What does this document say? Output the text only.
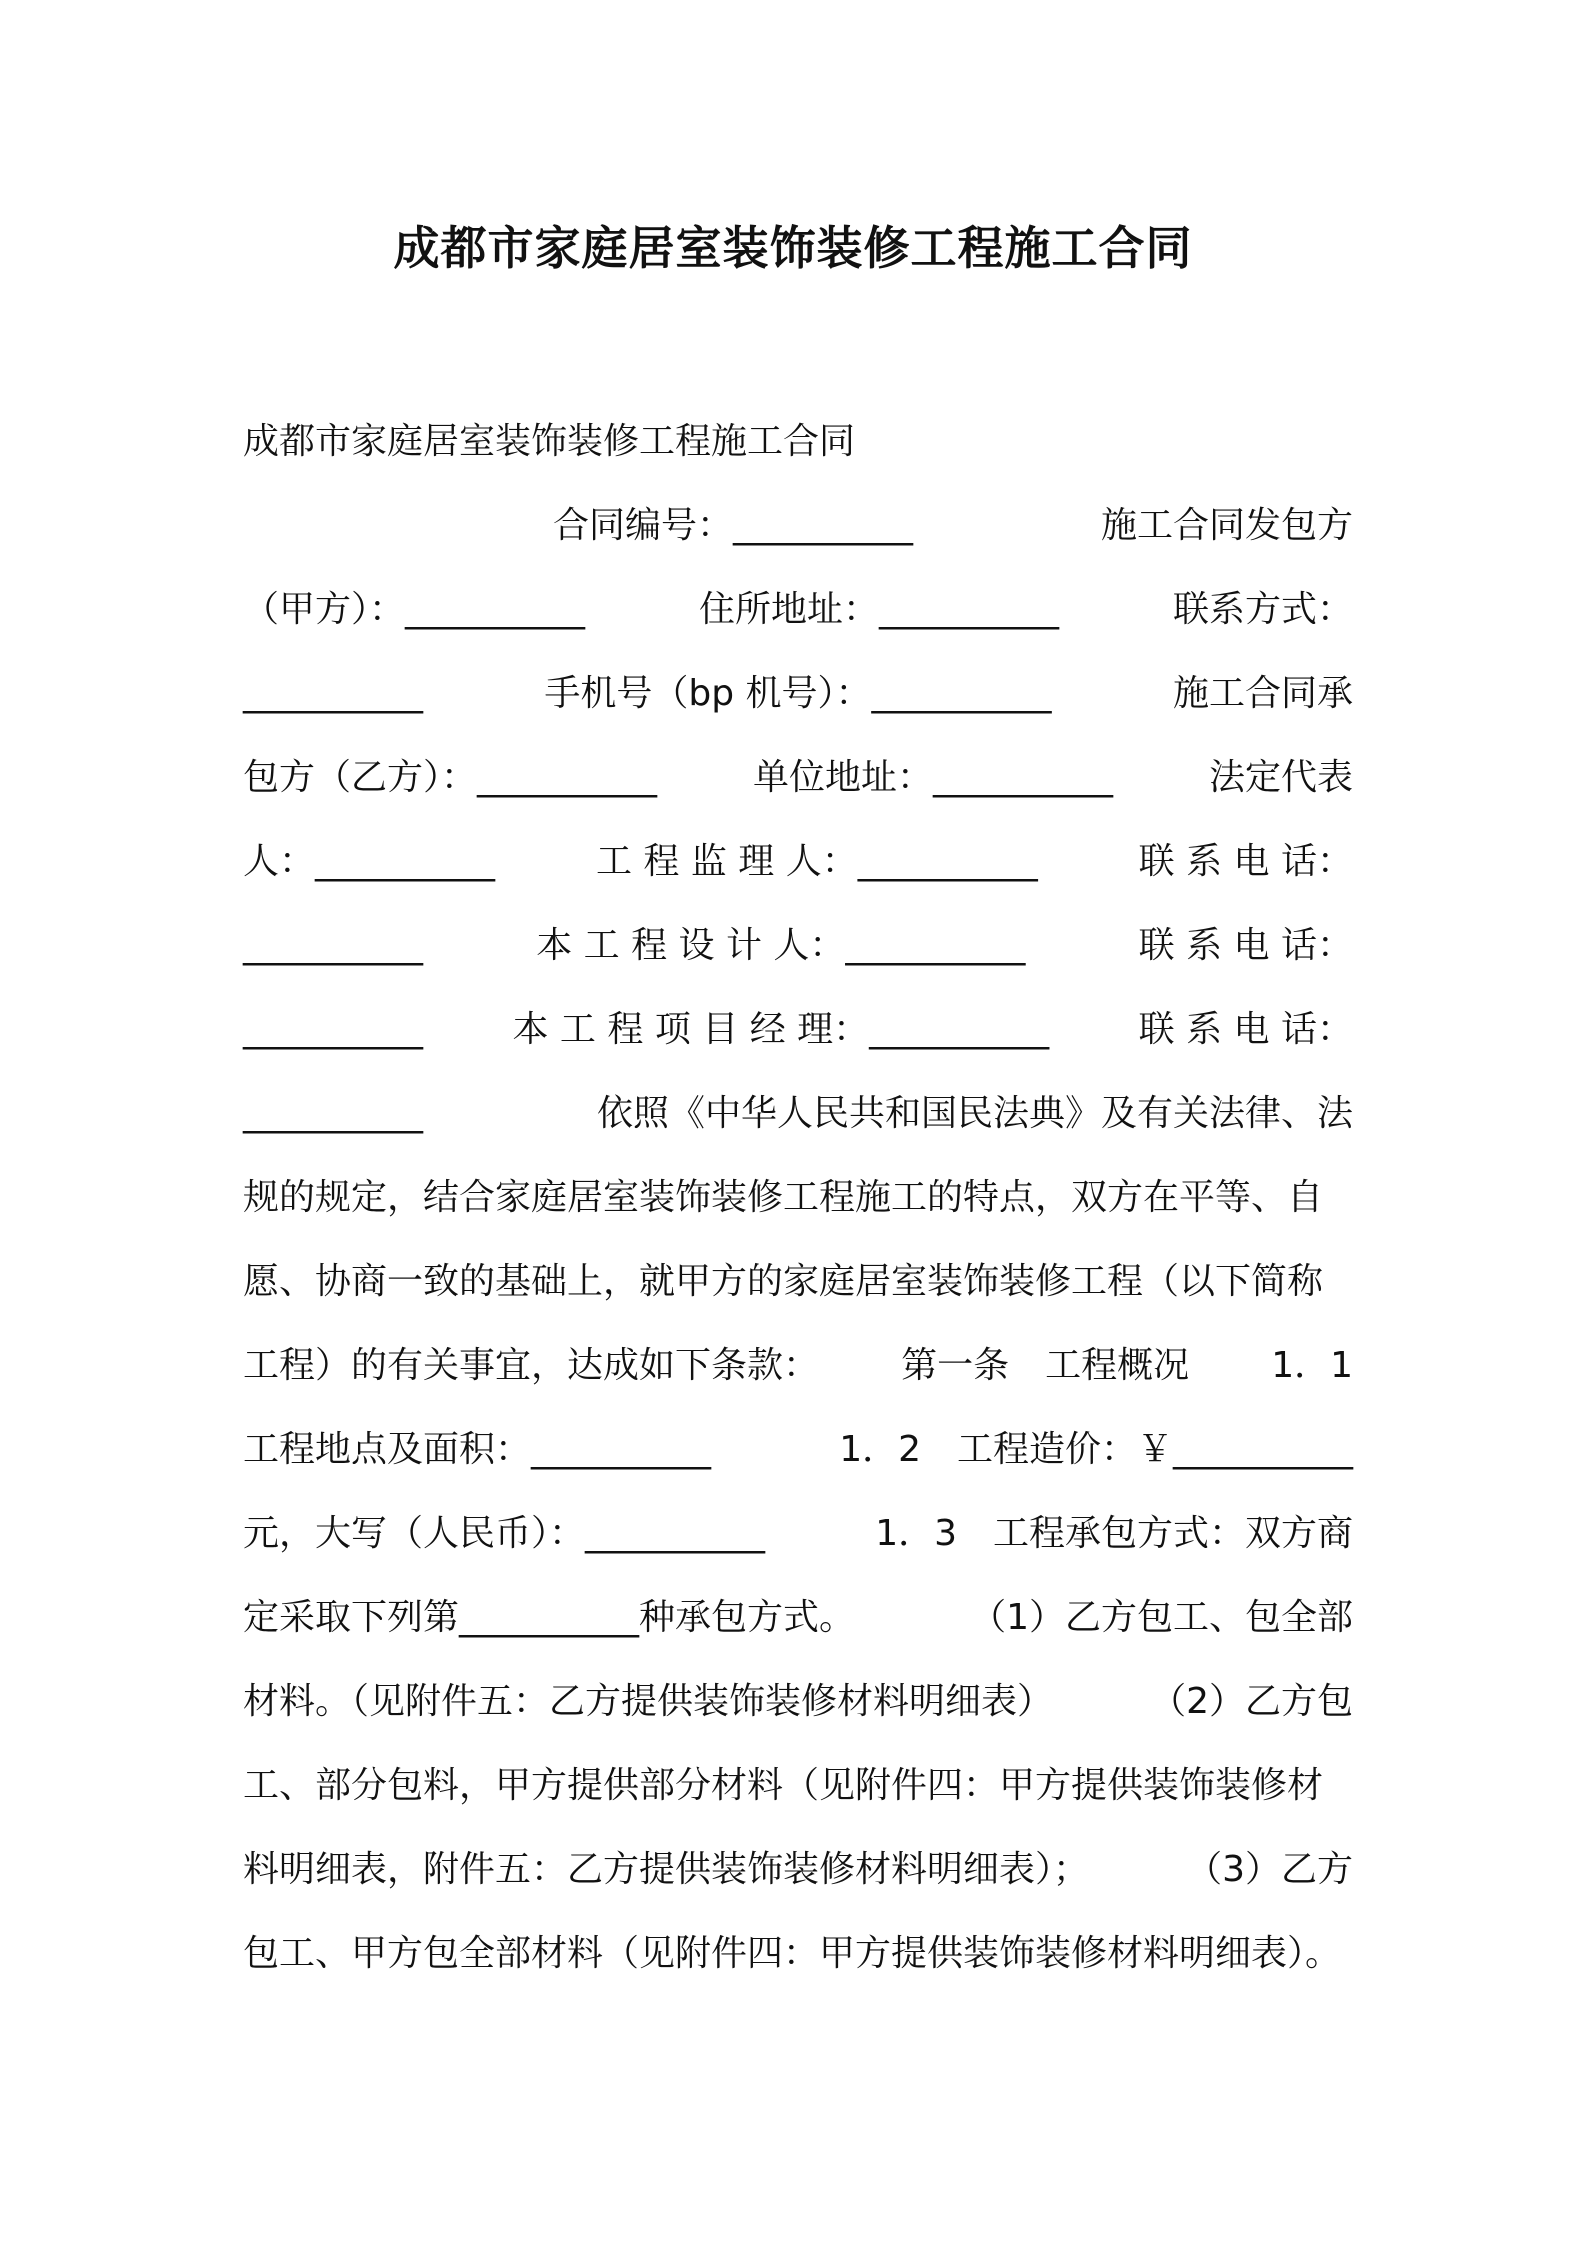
成都市家庭居室装饰装修工程施工合同
成都市家庭居室装饰装修工程施工合同
合同编号：__________	施工合同发包方
（甲方）：__________	住所地址：__________	联系方式：
__________	手机号（bp 机号）：__________	施工合同承
包方（乙方）：__________	单位地址：__________	法定代表
人：__________	工 程 监 理 人：__________	联 系 电 话：
__________	本 工 程 设 计 人：__________	联 系 电 话：
__________ 本 工 程 项 目 经 理：__________ 联 系 电 话：
__________	依照《中华人民共和国民法典》及有关法律、法
规的规定，结合家庭居室装饰装修工程施工的特点，双方在平等、自
愿、协商一致的基础上，就甲方的家庭居室装饰装修工程（以下简称
工程）的有关事宜，达成如下条款： 第一条　工程概况 1．1
工程地点及面积：__________	1．2　工程造价：￥__________
元，大写（人民币）：__________	1．3　工程承包方式：双方商
定采取下列第__________种承包方式。	（1）乙方包工、包全部
材料。（见附件五：乙方提供装饰装修材料明细表）	（2）乙方包
工、部分包料，甲方提供部分材料（见附件四：甲方提供装饰装修材
料明细表，附件五：乙方提供装饰装修材料明细表）；	（3）乙方
包工、甲方包全部材料（见附件四：甲方提供装饰装修材料明细表）。
